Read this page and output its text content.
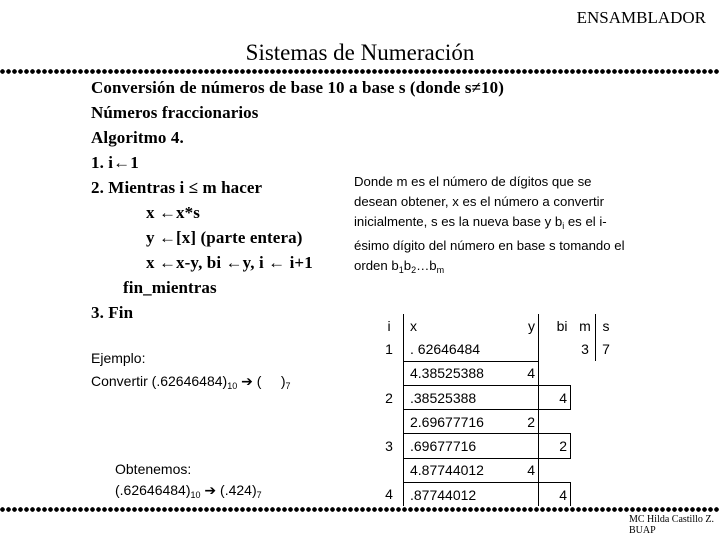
ENSAMBLADOR
Sistemas de Numeración
Conversión de números de base 10 a base s (donde s≠10)
Números fraccionarios
Algoritmo 4.
1. i←1
2. Mientras i ≤ m hacer
x ←x*s
y ←[x] (parte entera)
x ←x-y, bi ←y, i ← i+1
fin_mientras
3. Fin
Donde m es el número de dígitos que se desean obtener, x es el número a convertir inicialmente, s es la nueva base y $b_i$ es el i-ésimo dígito del número en base s tomando el orden $b_1b_2\dots b_m$
Ejemplo:
Convertir $(.62646484)_{10}$ ➔ (     )$_7$
Obtenemos:
$(.62646484)_{10}$ ➔ $(.424)_7$
i	x	y	bi		m	s
1	. 62646484				3	7
	4.38525388	4				
2	.38525388		4			
	2.69677716	2				
3	.69677716		2			
	4.87744012	4				
4	.87744012		4			
MC Hilda Castillo Z.
BUAP
